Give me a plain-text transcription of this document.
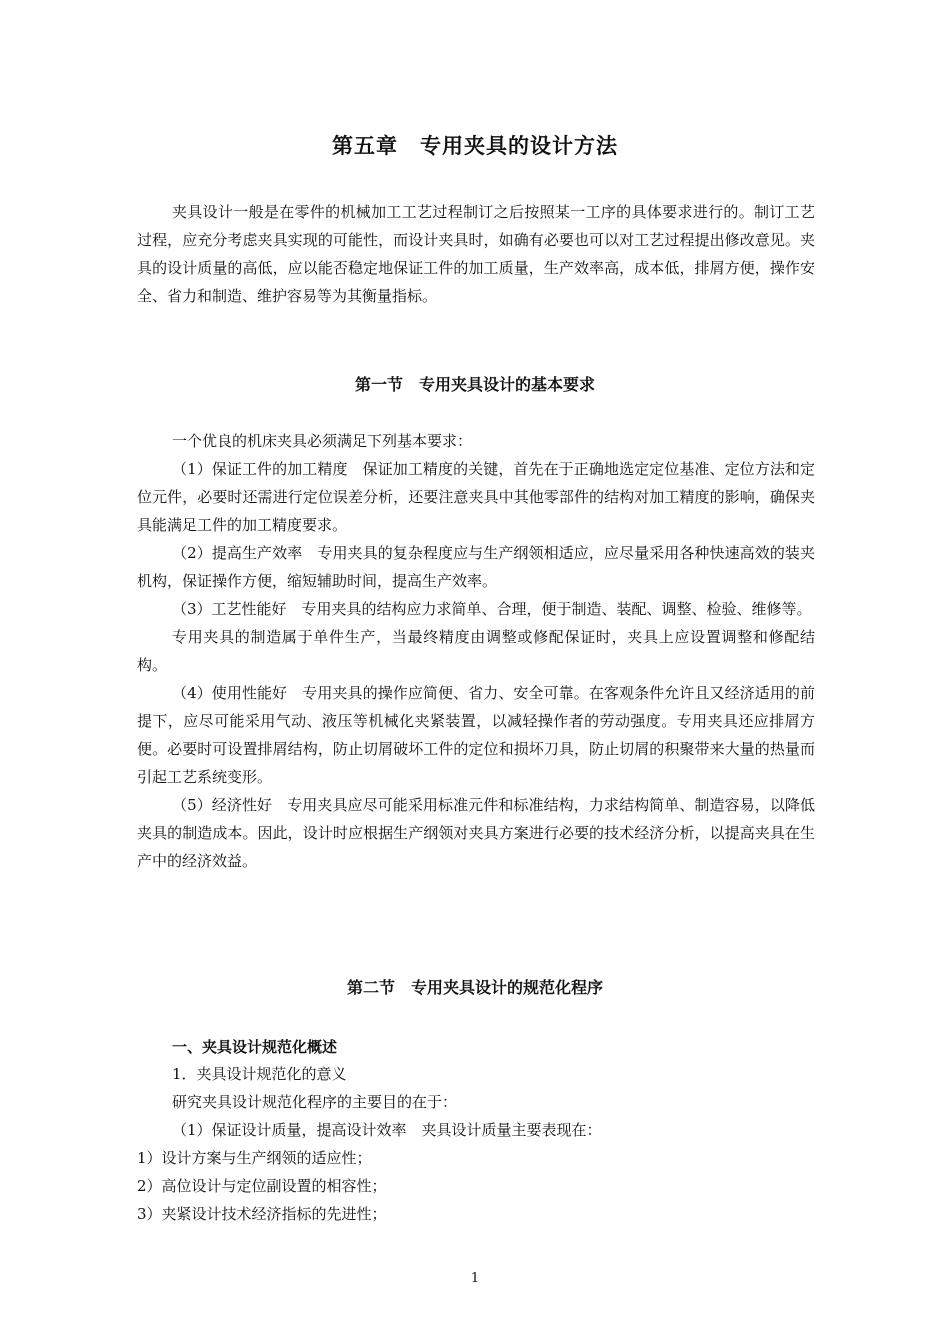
第五章　专用夹具的设计方法

夹具设计一般是在零件的机械加工工艺过程制订之后按照某一工序的具体要求进行的。制订工艺过程，应充分考虑夹具实现的可能性，而设计夹具时，如确有必要也可以对工艺过程提出修改意见。夹具的设计质量的高低，应以能否稳定地保证工件的加工质量，生产效率高，成本低，排屑方便，操作安全、省力和制造、维护容易等为其衡量指标。

第一节　专用夹具设计的基本要求

一个优良的机床夹具必须满足下列基本要求：

（1）保证工件的加工精度　保证加工精度的关键，首先在于正确地选定定位基准、定位方法和定位元件，必要时还需进行定位误差分析，还要注意夹具中其他零部件的结构对加工精度的影响，确保夹具能满足工件的加工精度要求。

（2）提高生产效率　专用夹具的复杂程度应与生产纲领相适应，应尽量采用各种快速高效的装夹机构，保证操作方便，缩短辅助时间，提高生产效率。

（3）工艺性能好　专用夹具的结构应力求简单、合理，便于制造、装配、调整、检验、维修等。

专用夹具的制造属于单件生产，当最终精度由调整或修配保证时，夹具上应设置调整和修配结构。

（4）使用性能好　专用夹具的操作应简便、省力、安全可靠。在客观条件允许且又经济适用的前提下，应尽可能采用气动、液压等机械化夹紧装置，以减轻操作者的劳动强度。专用夹具还应排屑方便。必要时可设置排屑结构，防止切屑破坏工件的定位和损坏刀具，防止切屑的积聚带来大量的热量而引起工艺系统变形。

（5）经济性好　专用夹具应尽可能采用标准元件和标准结构，力求结构简单、制造容易，以降低夹具的制造成本。因此，设计时应根据生产纲领对夹具方案进行必要的技术经济分析，以提高夹具在生产中的经济效益。

第二节　专用夹具设计的规范化程序
一、夹具设计规范化概述
1．夹具设计规范化的意义
研究夹具设计规范化程序的主要目的在于：
（1）保证设计质量，提高设计效率　夹具设计质量主要表现在：
1）设计方案与生产纲领的适应性；
2）高位设计与定位副设置的相容性；
3）夹紧设计技术经济指标的先进性；
1
